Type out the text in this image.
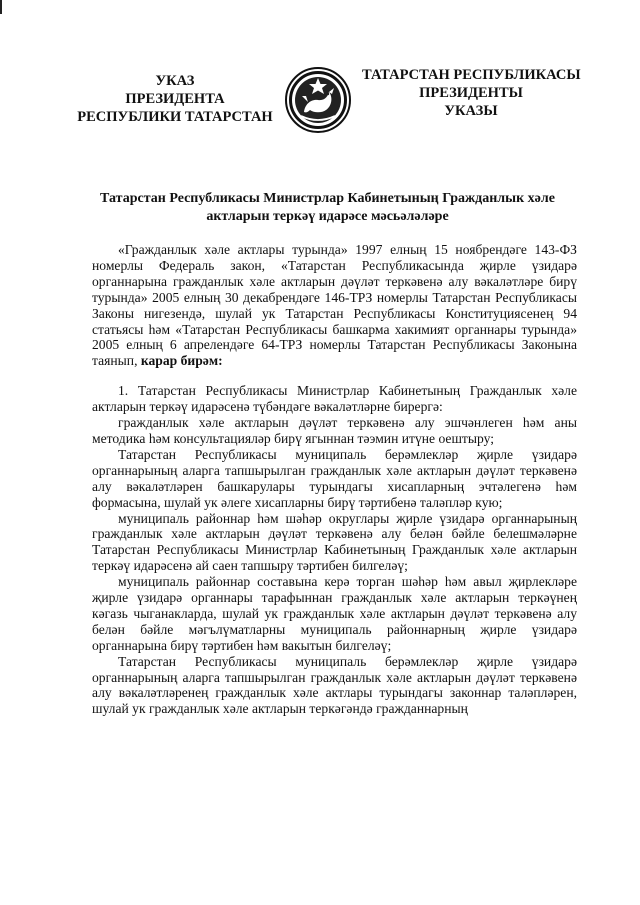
УКАЗ
ПРЕЗИДЕНТА
РЕСПУБЛИКИ ТАТАРСТАН
ТАТАРСТАН РЕСПУБЛИКАСЫ
ПРЕЗИДЕНТЫ
УКАЗЫ
Татарстан Республикасы Министрлар Кабинетының Гражданлык хәле актларын теркәү идарәсе мәсьәләләре

«Гражданлык хәле актлары турында» 1997 елның 15 ноябрендәге 143-ФЗ номерлы Федераль закон, «Татарстан Республикасында җирле үзидарә органнарына гражданлык хәле актларын дәүләт теркәвенә алу вәкаләтләре бирү турында» 2005 елның 30 декабрендәге 146-ТРЗ номерлы Татарстан Республикасы Законы нигезендә, шулай ук Татарстан Республикасы Конституциясенең 94 статьясы һәм «Татарстан Республикасы башкарма хакимият органнары турында» 2005 елның 6 апрелендәге 64-ТРЗ номерлы Татарстан Республикасы Законына таянып, карар бирәм:

1. Татарстан Республикасы Министрлар Кабинетының Гражданлык хәле актларын теркәү идарәсенә түбәндәге вәкаләтләрне бирергә:

гражданлык хәле актларын дәүләт теркәвенә алу эшчәнлеген һәм аны методика һәм консультацияләр бирү ягыннан тәэмин итүне оештыру;

Татарстан Республикасы муниципаль берәмлекләр җирле үзидарә органнарының аларга тапшырылган гражданлык хәле актларын дәүләт теркәвенә алу вәкаләтләрен башкарулары турындагы хисапларның эчтәлегенә һәм формасына, шулай ук әлеге хисапларны бирү тәртибенә таләпләр кую;

муниципаль районнар һәм шәһәр округлары җирле үзидарә органнарының гражданлык хәле актларын дәүләт теркәвенә алу белән бәйле белешмәләрне Татарстан Республикасы Министрлар Кабинетының Гражданлык хәле актларын теркәү идарәсенә ай саен тапшыру тәртибен билгеләү;

муниципаль районнар составына керә торган шәһәр һәм авыл җирлекләре җирле үзидарә органнары тарафыннан гражданлык хәле актларын теркәүнең кәгазь чыганакларда, шулай ук гражданлык хәле актларын дәүләт теркәвенә алу белән бәйле мәгълүматларны муниципаль районнарның җирле үзидарә органнарына бирү тәртибен һәм вакытын билгеләү;

Татарстан Республикасы муниципаль берәмлекләр җирле үзидарә органнарының аларга тапшырылган гражданлык хәле актларын дәүләт теркәвенә алу вәкаләтләренең гражданлык хәле актлары турындагы законнар таләпләрен, шулай ук гражданлык хәле актларын теркәгәндә гражданнарның
